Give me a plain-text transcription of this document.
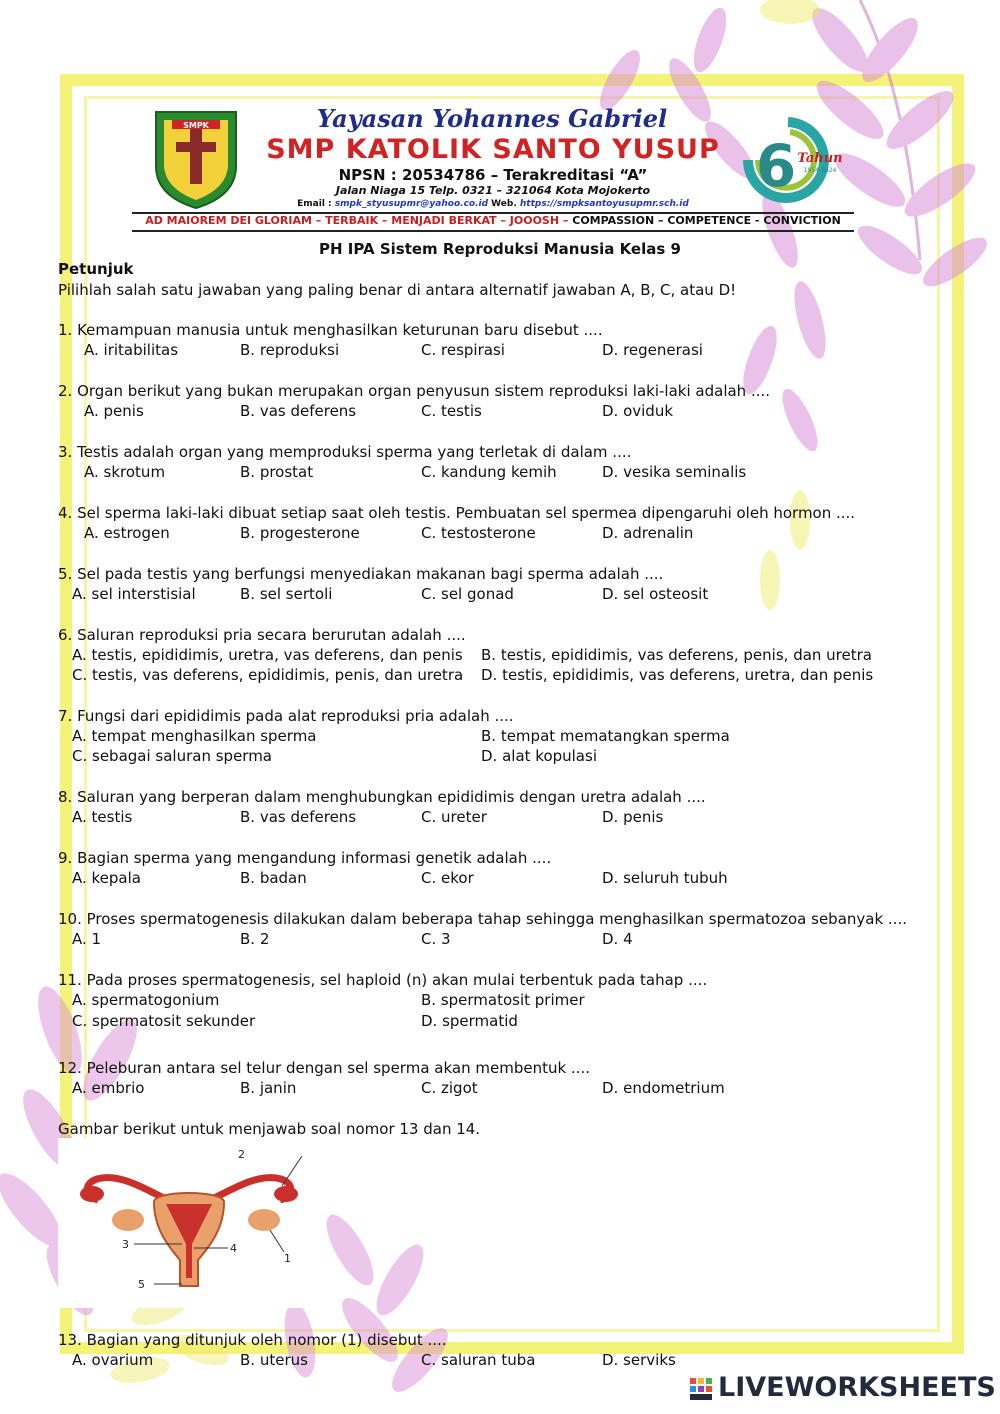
SMPK	Yayasan Yohannes Gabriel
SMP KATOLIK SANTO YUSUP
NPSN : 20534786 – Terakreditasi “A”
Jalan Niaga 15 Telp. 0321 – 321064 Kota Mojokerto
Email : smpk_styusupmr@yahoo.co.id Web. https://smpksantoyusupmr.sch.id
6 Tahun
1954-2024
AD MAIOREM DEI GLORIAM – TERBAIK – MENJADI BERKAT – JOOOSH – COMPASSION – COMPETENCE - CONVICTION
PH IPA Sistem Reproduksi Manusia Kelas 9
Petunjuk
Pilihlah salah satu jawaban yang paling benar di antara alternatif jawaban A, B, C, atau D!
1. Kemampuan manusia untuk menghasilkan keturunan baru disebut ....
A. iritabilitas	B. reproduksi	C. respirasi	D. regenerasi
2. Organ berikut yang bukan merupakan organ penyusun sistem reproduksi laki-laki adalah ....
A. penis	B. vas deferens	C. testis	D. oviduk
3. Testis adalah organ yang memproduksi sperma yang terletak di dalam ....
A. skrotum	B. prostat	C. kandung kemih	D. vesika seminalis
4. Sel sperma laki-laki dibuat setiap saat oleh testis. Pembuatan sel spermea dipengaruhi oleh hormon ....
A. estrogen	B. progesterone	C. testosterone	D. adrenalin
5. Sel pada testis yang berfungsi menyediakan makanan bagi sperma adalah ....
A. sel interstisial	B. sel sertoli	C. sel gonad	D. sel osteosit
6. Saluran reproduksi pria secara berurutan adalah ....
A. testis, epididimis, uretra, vas deferens, dan penis B. testis, epididimis, vas deferens, penis, dan uretra
C. testis, vas deferens, epididimis, penis, dan uretra D. testis, epididimis, vas deferens, uretra, dan penis
7. Fungsi dari epididimis pada alat reproduksi pria adalah ....
A. tempat menghasilkan sperma	B. tempat mematangkan sperma
C. sebagai saluran sperma	D. alat kopulasi
8. Saluran yang berperan dalam menghubungkan epididimis dengan uretra adalah ....
A. testis	B. vas deferens	C. ureter	D. penis
9. Bagian sperma yang mengandung informasi genetik adalah ....
A. kepala	B. badan	C. ekor	D. seluruh tubuh
10. Proses spermatogenesis dilakukan dalam beberapa tahap sehingga menghasilkan spermatozoa sebanyak ....
A. 1	B. 2	C. 3	D. 4
11. Pada proses spermatogenesis, sel haploid (n) akan mulai terbentuk pada tahap ....
A. spermatogonium	B. spermatosit primer
C. spermatosit sekunder	D. spermatid
12. Peleburan antara sel telur dengan sel sperma akan membentuk ....
A. embrio	B. janin	C. zigot	D. endometrium
Gambar berikut untuk menjawab soal nomor 13 dan 14.
1
2
3	4
5
13. Bagian yang ditunjuk oleh nomor (1) disebut ....
A. ovarium	B. uterus	C. saluran tuba	D. serviks
LIVEWORKSHEETS
